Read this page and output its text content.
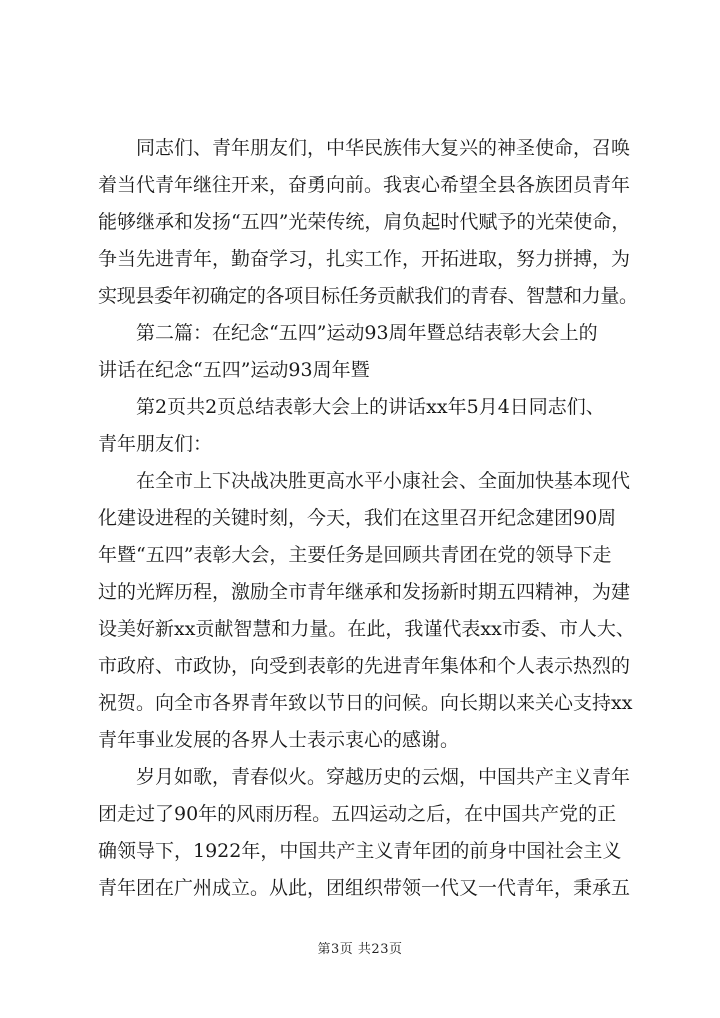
同志们、青年朋友们，中华民族伟大复兴的神圣使命，召唤
着当代青年继往开来，奋勇向前。我衷心希望全县各族团员青年
能够继承和发扬“五四”光荣传统，肩负起时代赋予的光荣使命，
争当先进青年，勤奋学习，扎实工作，开拓进取，努力拼搏，为
实现县委年初确定的各项目标任务贡献我们的青春、智慧和力量。
第二篇：在纪念“五四”运动93周年暨总结表彰大会上的
讲话在纪念“五四”运动93周年暨
第2页共2页总结表彰大会上的讲话xx年5月4日同志们、
青年朋友们：
在全市上下决战决胜更高水平小康社会、全面加快基本现代
化建设进程的关键时刻，今天，我们在这里召开纪念建团90周
年暨“五四”表彰大会，主要任务是回顾共青团在党的领导下走
过的光辉历程，激励全市青年继承和发扬新时期五四精神，为建
设美好新xx贡献智慧和力量。在此，我谨代表xx市委、市人大、
市政府、市政协，向受到表彰的先进青年集体和个人表示热烈的
祝贺。向全市各界青年致以节日的问候。向长期以来关心支持xx
青年事业发展的各界人士表示衷心的感谢。
岁月如歌，青春似火。穿越历史的云烟，中国共产主义青年
团走过了90年的风雨历程。五四运动之后，在中国共产党的正
确领导下，1922年，中国共产主义青年团的前身中国社会主义
青年团在广州成立。从此，团组织带领一代又一代青年，秉承五
第3页 共23页
